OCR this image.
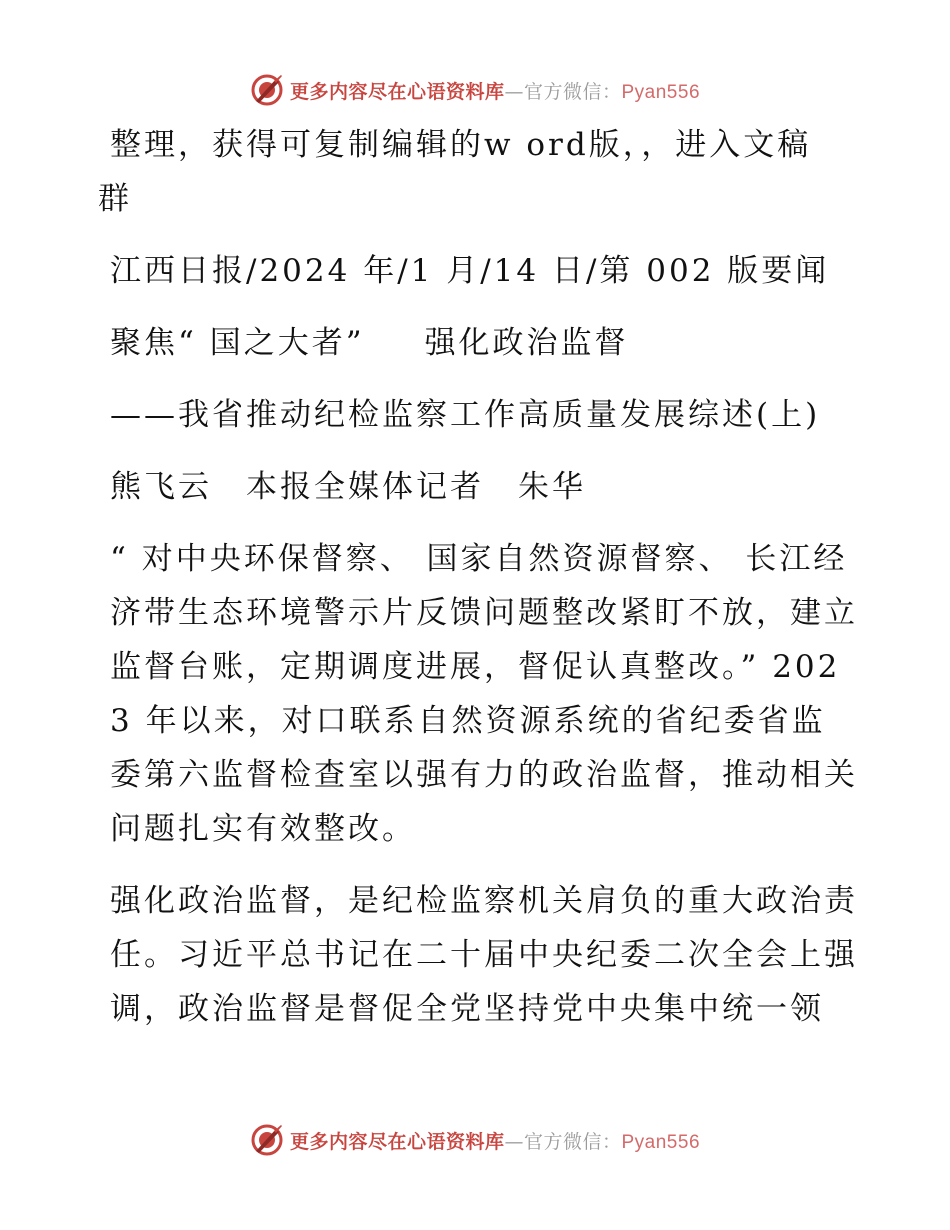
更多内容尽在心语资料库—官方微信：Pyan556

整理，获得可复制编辑的w ord版，，进入文稿

群

江西日报/2024 年/1 月/14 日/第 002 版要闻

聚焦“ 国之大者” 强化政治监督

——我省推动纪检监察工作高质量发展综述(上)

熊飞云　本报全媒体记者　朱华

“ 对中央环保督察、 国家自然资源督察、 长江经济带生态环境警示片反馈问题整改紧盯不放，建立监督台账，定期调度进展，督促认真整改。” 2023 年以来，对口联系自然资源系统的省纪委省监委第六监督检查室以强有力的政治监督，推动相关问题扎实有效整改。

强化政治监督，是纪检监察机关肩负的重大政治责任。习近平总书记在二十届中央纪委二次全会上强调，政治监督是督促全党坚持党中央集中统一领

更多内容尽在心语资料库—官方微信：Pyan556
